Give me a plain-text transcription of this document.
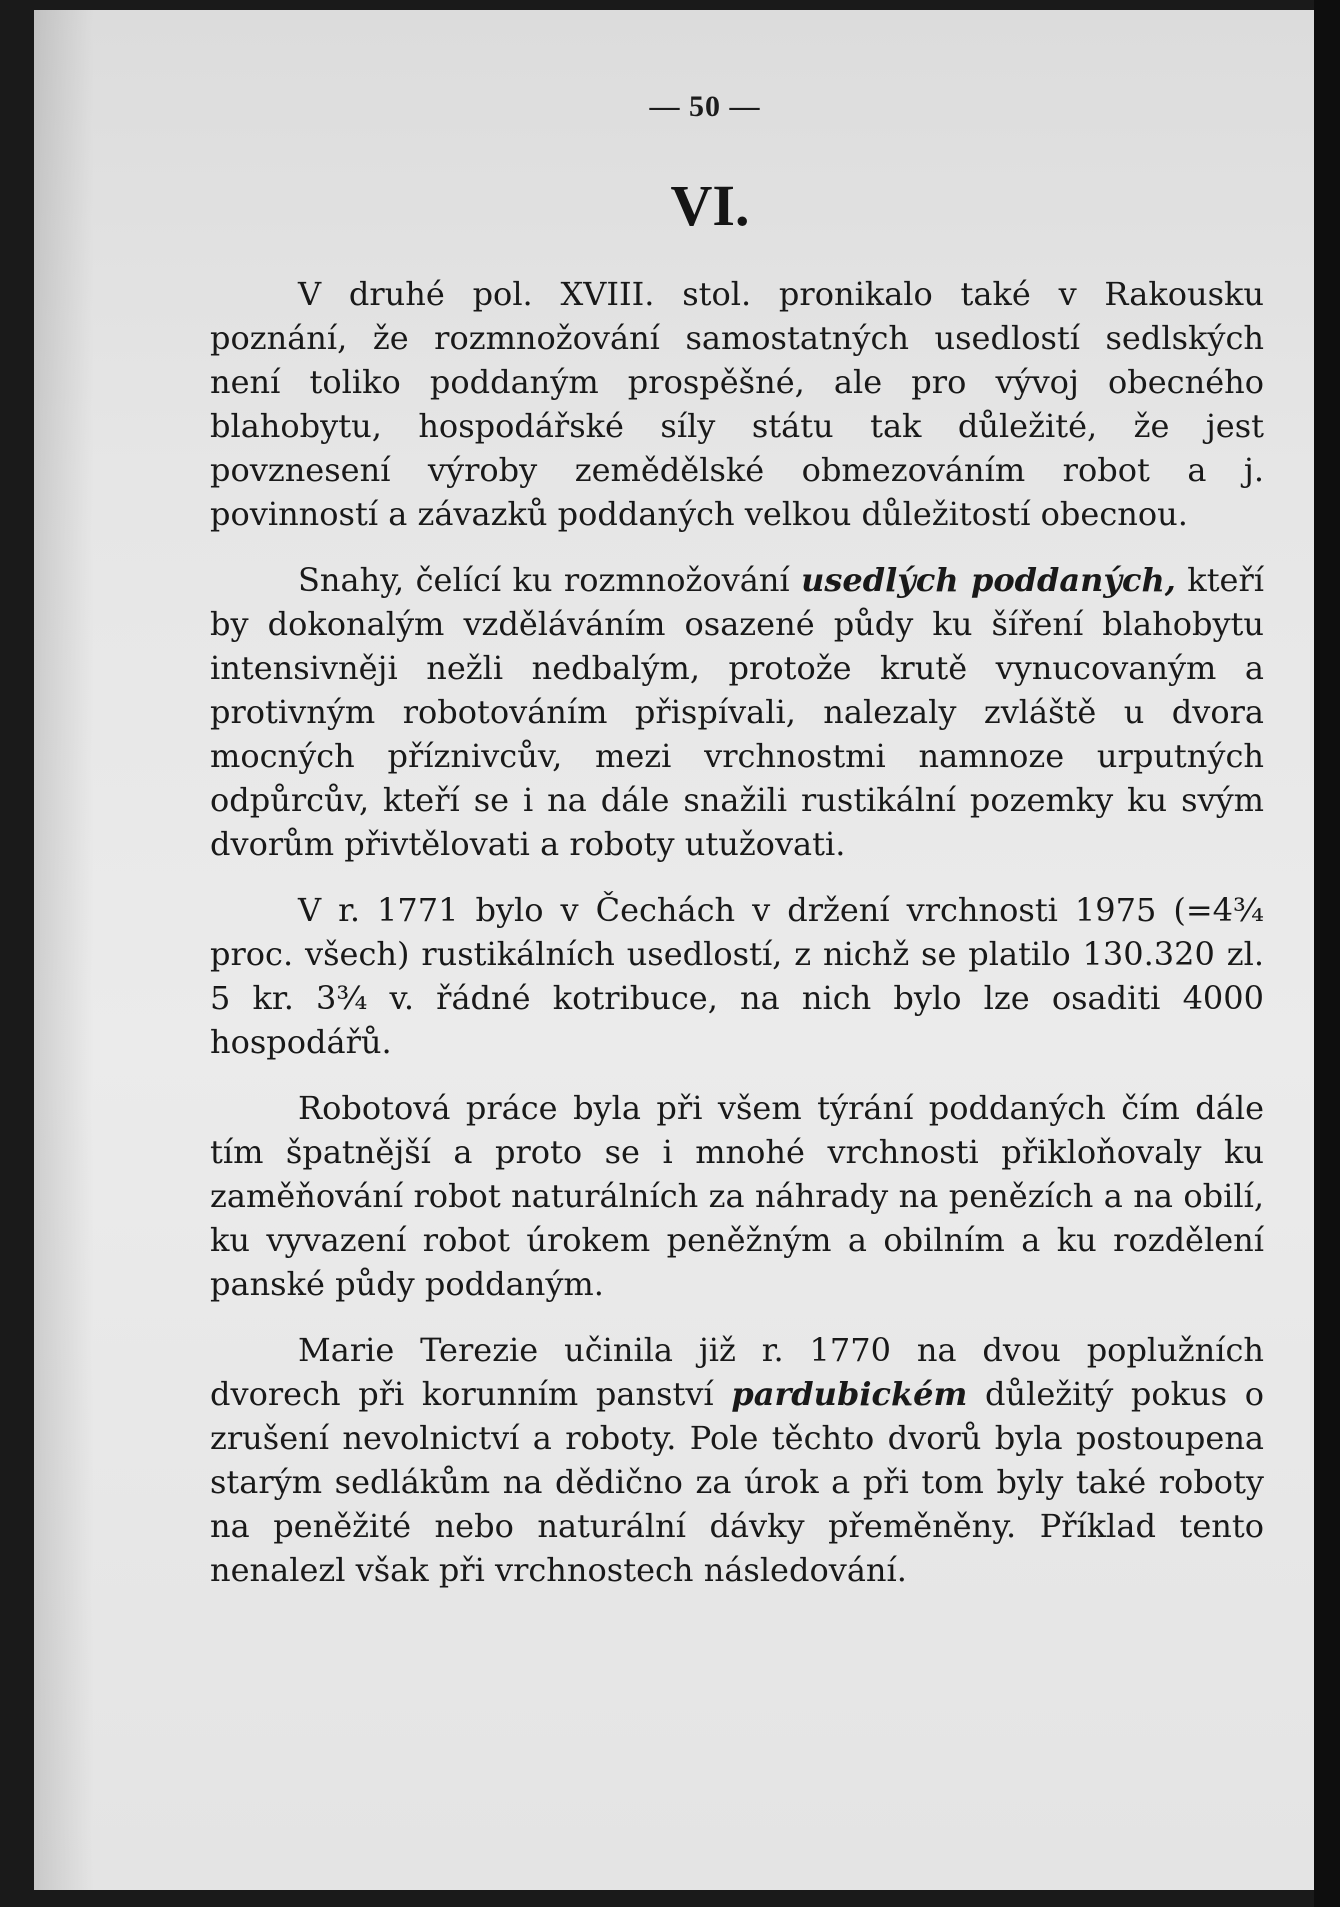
— 50 —
VI.

V druhé pol. XVIII. stol. pronikalo také v Rakousku poznání, že rozmnožování samostatných usedlostí sedlských není toliko poddaným prospěšné, ale pro vývoj obecného blahobytu, hospodářské síly státu tak důležité, že jest povznesení výroby zemědělské obmezováním robot a j. povinností a závazků poddaných velkou důležitostí obecnou.

Snahy, čelící ku rozmnožování usedlých poddaných, kteří by dokonalým vzděláváním osazené půdy ku šíření blahobytu intensivněji nežli nedbalým, protože krutě vynucovaným a protivným robotováním přispívali, nalezaly zvláště u dvora mocných příznivcův, mezi vrchnostmi namnoze urputných odpůrcův, kteří se i na dále snažili rustikální pozemky ku svým dvorům přivtělovati a roboty utužovati.

V r. 1771 bylo v Čechách v držení vrchnosti 1975 (=4¾ proc. všech) rustikálních usedlostí, z nichž se platilo 130.320 zl. 5 kr. 3¾ v. řádné kotribuce, na nich bylo lze osaditi 4000 hospodářů.

Robotová práce byla při všem týrání poddaných čím dále tím špatnější a proto se i mnohé vrchnosti přikloňovaly ku zaměňování robot naturálních za náhrady na penězích a na obilí, ku vyvazení robot úrokem peněžným a obilním a ku rozdělení panské půdy poddaným.

Marie Terezie učinila již r. 1770 na dvou poplužních dvorech při korunním panství pardubickém důležitý pokus o zrušení nevolnictví a roboty. Pole těchto dvorů byla postoupena starým sedlákům na dědično za úrok a při tom byly také roboty na peněžité nebo naturální dávky přeměněny. Příklad tento nenalezl však při vrchnostech následování.
